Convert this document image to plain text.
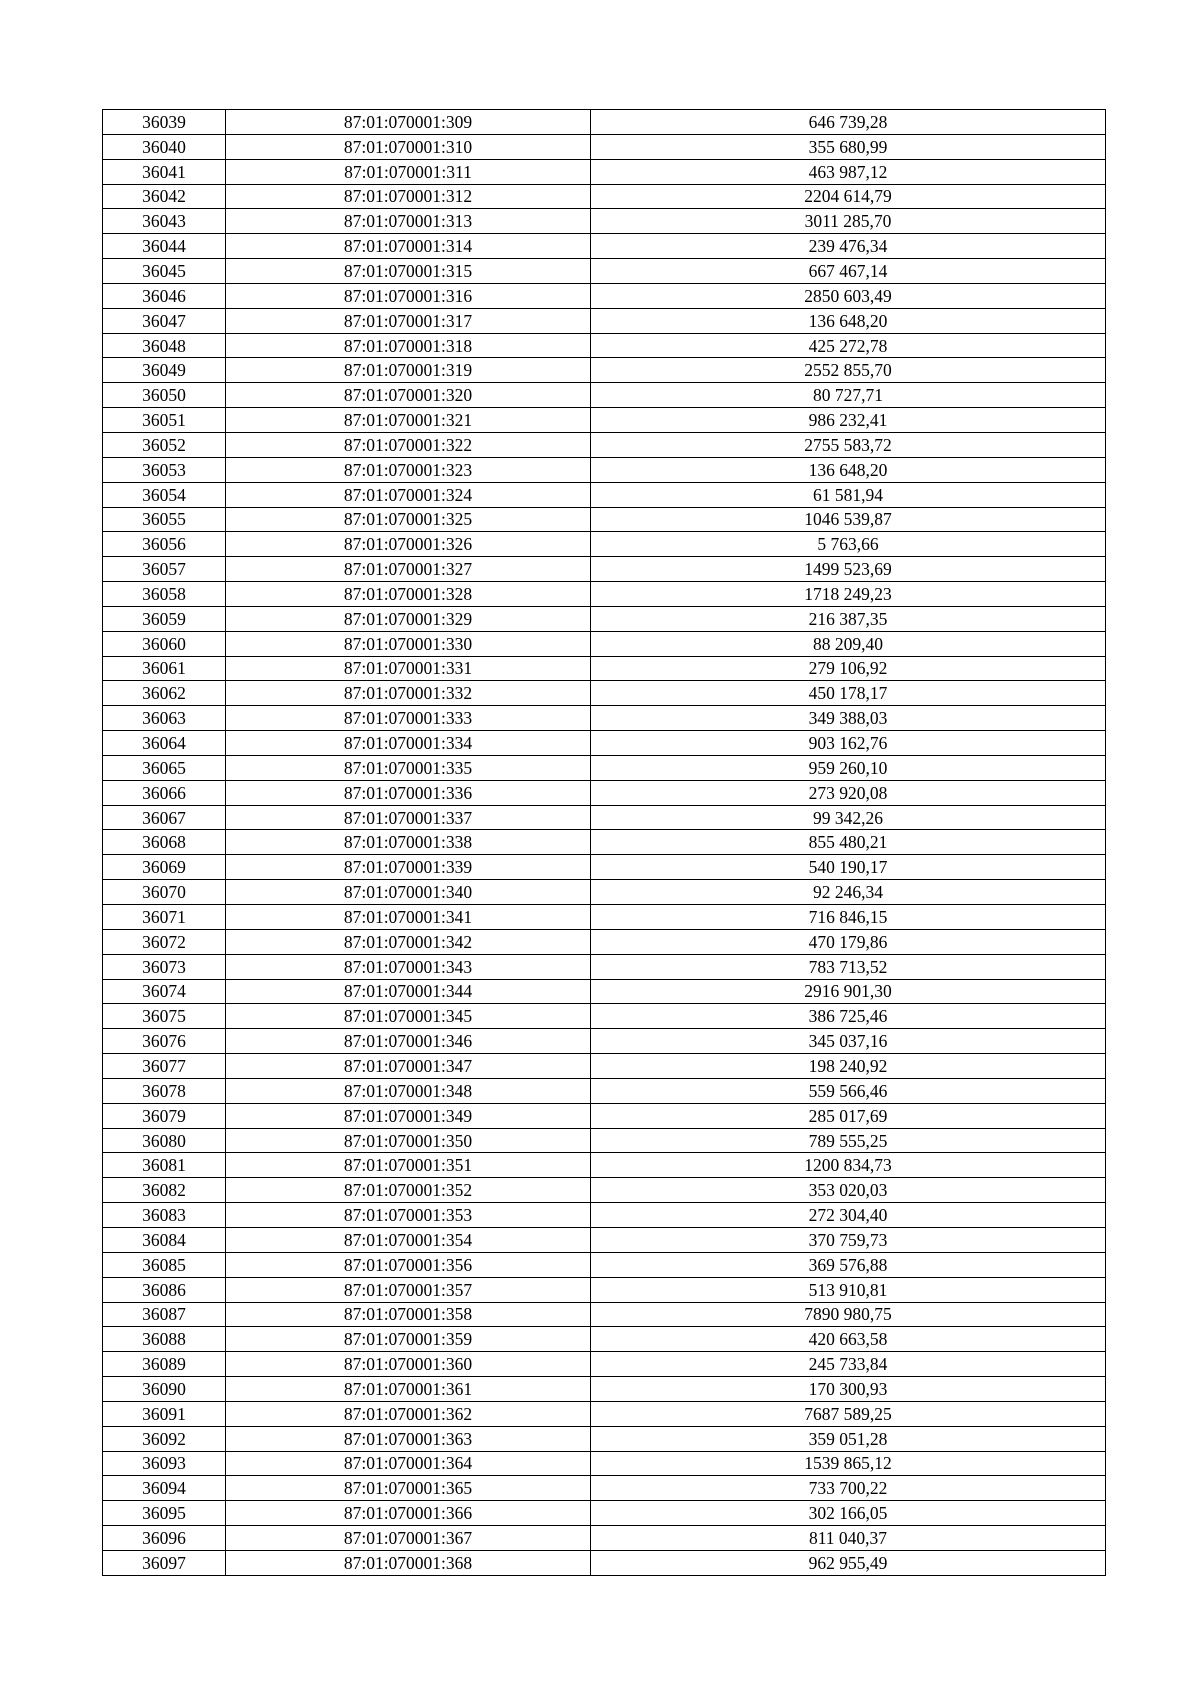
36039	87:01:070001:309	646 739,28
36040	87:01:070001:310	355 680,99
36041	87:01:070001:311	463 987,12
36042	87:01:070001:312	2204 614,79
36043	87:01:070001:313	3011 285,70
36044	87:01:070001:314	239 476,34
36045	87:01:070001:315	667 467,14
36046	87:01:070001:316	2850 603,49
36047	87:01:070001:317	136 648,20
36048	87:01:070001:318	425 272,78
36049	87:01:070001:319	2552 855,70
36050	87:01:070001:320	80 727,71
36051	87:01:070001:321	986 232,41
36052	87:01:070001:322	2755 583,72
36053	87:01:070001:323	136 648,20
36054	87:01:070001:324	61 581,94
36055	87:01:070001:325	1046 539,87
36056	87:01:070001:326	5 763,66
36057	87:01:070001:327	1499 523,69
36058	87:01:070001:328	1718 249,23
36059	87:01:070001:329	216 387,35
36060	87:01:070001:330	88 209,40
36061	87:01:070001:331	279 106,92
36062	87:01:070001:332	450 178,17
36063	87:01:070001:333	349 388,03
36064	87:01:070001:334	903 162,76
36065	87:01:070001:335	959 260,10
36066	87:01:070001:336	273 920,08
36067	87:01:070001:337	99 342,26
36068	87:01:070001:338	855 480,21
36069	87:01:070001:339	540 190,17
36070	87:01:070001:340	92 246,34
36071	87:01:070001:341	716 846,15
36072	87:01:070001:342	470 179,86
36073	87:01:070001:343	783 713,52
36074	87:01:070001:344	2916 901,30
36075	87:01:070001:345	386 725,46
36076	87:01:070001:346	345 037,16
36077	87:01:070001:347	198 240,92
36078	87:01:070001:348	559 566,46
36079	87:01:070001:349	285 017,69
36080	87:01:070001:350	789 555,25
36081	87:01:070001:351	1200 834,73
36082	87:01:070001:352	353 020,03
36083	87:01:070001:353	272 304,40
36084	87:01:070001:354	370 759,73
36085	87:01:070001:356	369 576,88
36086	87:01:070001:357	513 910,81
36087	87:01:070001:358	7890 980,75
36088	87:01:070001:359	420 663,58
36089	87:01:070001:360	245 733,84
36090	87:01:070001:361	170 300,93
36091	87:01:070001:362	7687 589,25
36092	87:01:070001:363	359 051,28
36093	87:01:070001:364	1539 865,12
36094	87:01:070001:365	733 700,22
36095	87:01:070001:366	302 166,05
36096	87:01:070001:367	811 040,37
36097	87:01:070001:368	962 955,49
